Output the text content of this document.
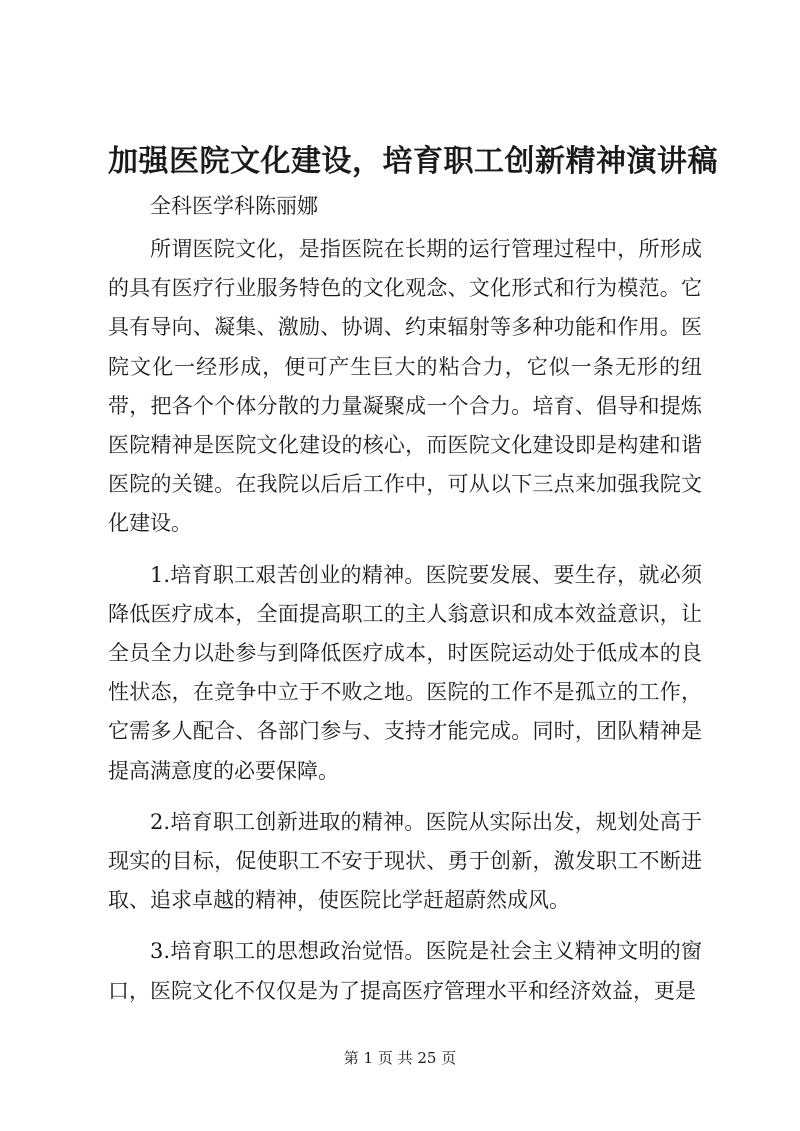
加强医院文化建设，培育职工创新精神演讲稿

全科医学科陈丽娜

所谓医院文化，是指医院在长期的运行管理过程中，所形成的具有医疗行业服务特色的文化观念、文化形式和行为模范。它具有导向、凝集、激励、协调、约束辐射等多种功能和作用。医院文化一经形成，便可产生巨大的粘合力，它似一条无形的纽带，把各个个体分散的力量凝聚成一个合力。培育、倡导和提炼医院精神是医院文化建设的核心，而医院文化建设即是构建和谐医院的关键。在我院以后后工作中，可从以下三点来加强我院文化建设。

1.培育职工艰苦创业的精神。医院要发展、要生存，就必须降低医疗成本，全面提高职工的主人翁意识和成本效益意识，让全员全力以赴参与到降低医疗成本，时医院运动处于低成本的良性状态，在竞争中立于不败之地。医院的工作不是孤立的工作，它需多人配合、各部门参与、支持才能完成。同时，团队精神是提高满意度的必要保障。

2.培育职工创新进取的精神。医院从实际出发，规划处高于现实的目标，促使职工不安于现状、勇于创新，激发职工不断进取、追求卓越的精神，使医院比学赶超蔚然成风。

3.培育职工的思想政治觉悟。医院是社会主义精神文明的窗口，医院文化不仅仅是为了提高医疗管理水平和经济效益，更是

第 1 页 共 25 页
